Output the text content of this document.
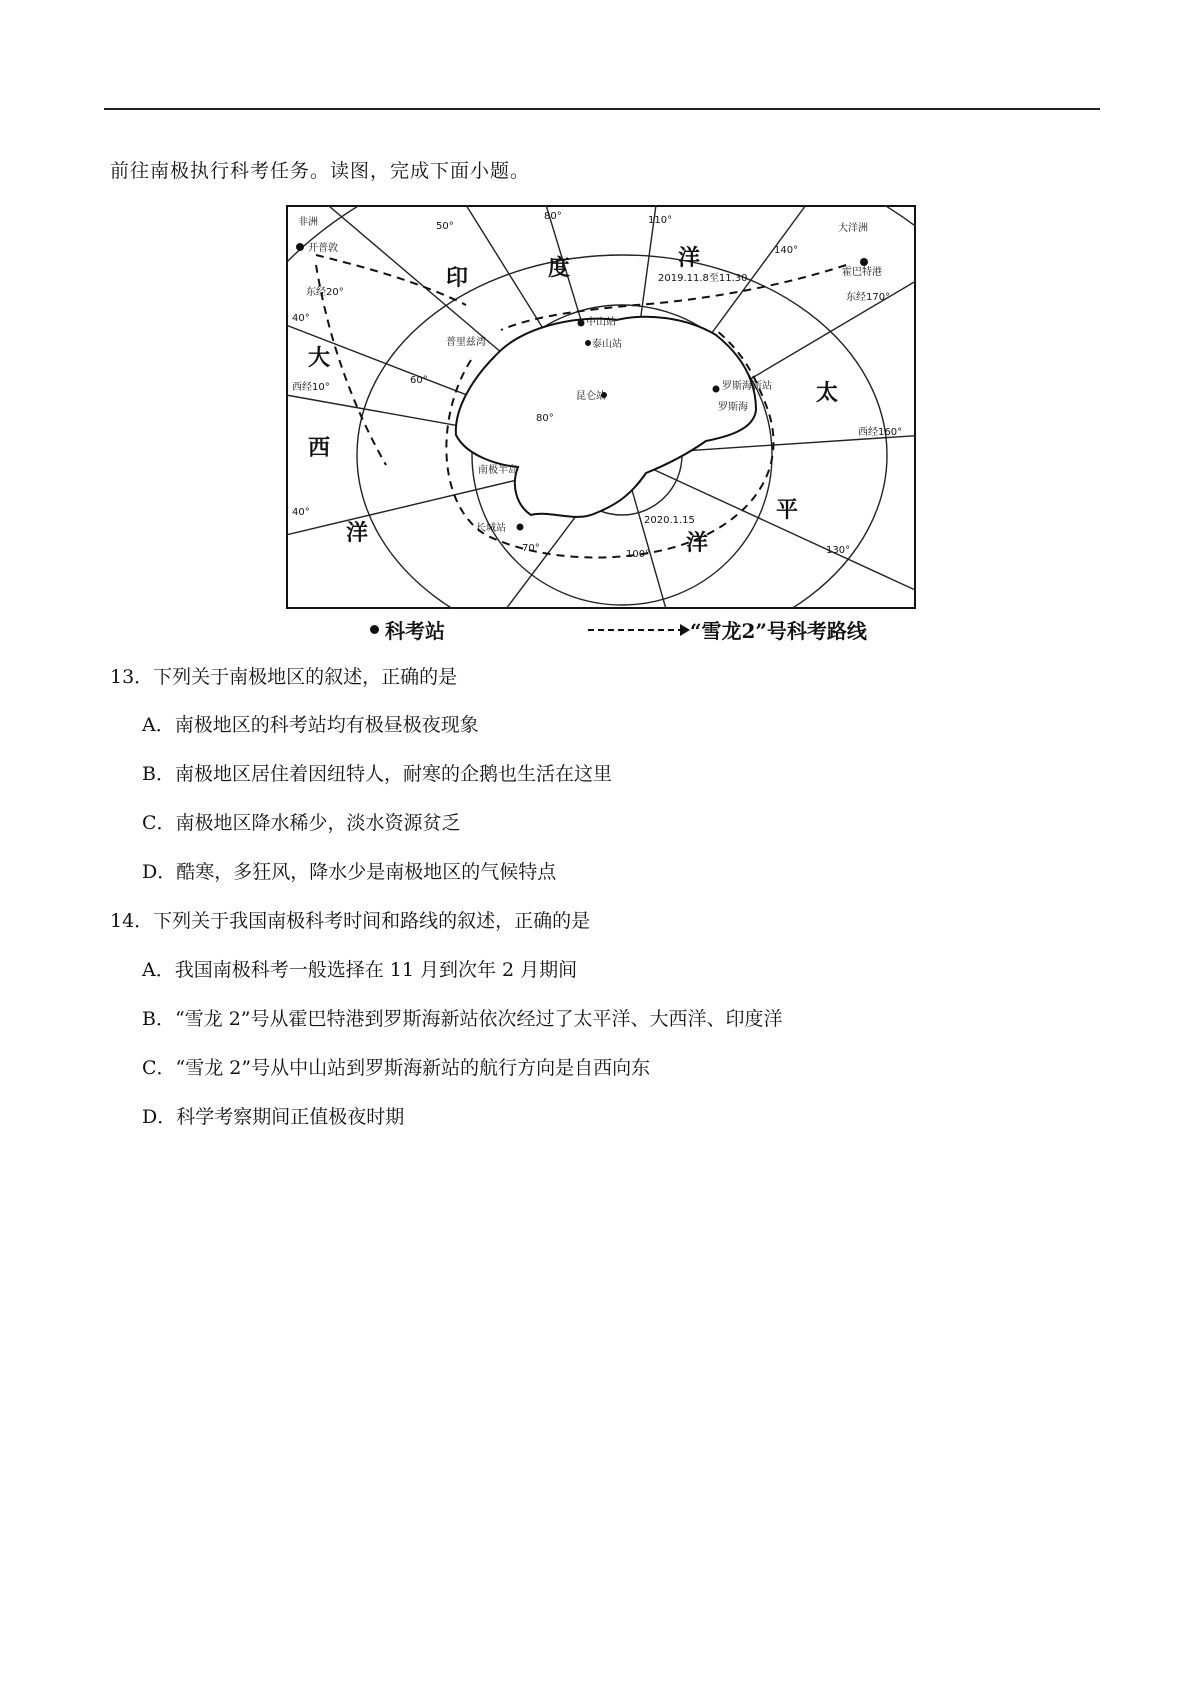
前往南极执行科考任务。读图，完成下面小题。
印	度	洋
大
西
洋
太
平
洋
非洲
大洋洲
开普敦
霍巴特港
中山站
泰山站
昆仑站
罗斯海新站
罗斯海
长城站
南极半岛
普里兹湾
东经20°	东经170°
西经10°
西经160°
50°
80°	110°
140°
40°
60°
80°
70°
100°	130°
40°
2019.11.8至11.30
2020.1.15
科考站	“雪龙2”号科考路线
13．下列关于南极地区的叙述，正确的是
A．南极地区的科考站均有极昼极夜现象
B．南极地区居住着因纽特人，耐寒的企鹅也生活在这里
C．南极地区降水稀少，淡水资源贫乏
D．酷寒，多狂风，降水少是南极地区的气候特点
14．下列关于我国南极科考时间和路线的叙述，正确的是
A．我国南极科考一般选择在 11 月到次年 2 月期间
B．“雪龙 2”号从霍巴特港到罗斯海新站依次经过了太平洋、大西洋、印度洋
C．“雪龙 2”号从中山站到罗斯海新站的航行方向是自西向东
D．科学考察期间正值极夜时期
